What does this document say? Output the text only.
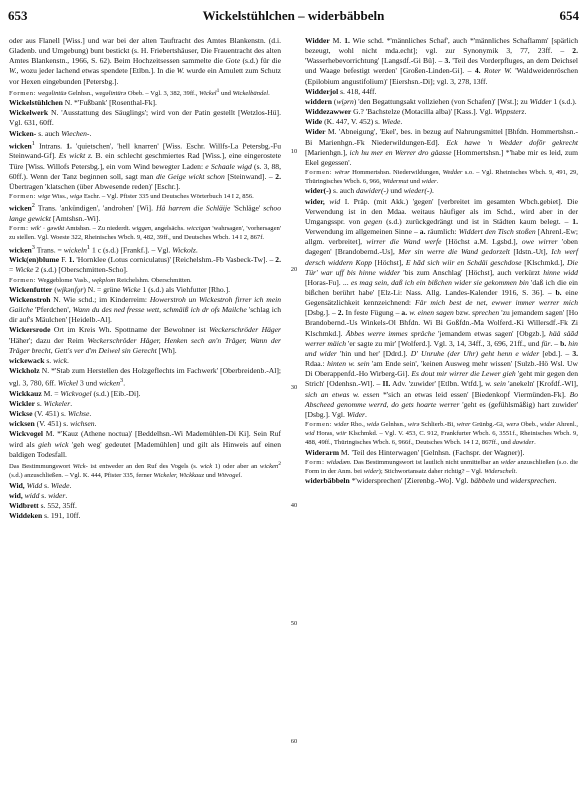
653	Wickelstühlchen – widerbäbbeln	654

oder aus Flanell [Wiss.] und war bei der alten Tauftracht des Amtes Blankenstn. (d.i. Gladenb. und Umgebung) bunt bestickt (s. H. Friebertshäuser, Die Frauentracht des alten Amtes Blankenstn., 1966, S. 62). Beim Hochzeitsessen sammelte die Gote (s.d.) für die W., wozu jeder lachend etwas spendete [Etlbn.]. In die W. wurde ein Amulett zum Schutz vor Hexen eingebunden [Petersbg.].

Formen: wegəlintüə Gelnhsn., wegəlintürə Obeb. – Vgl. 3, 382, 39ff., Wickel$^1$ und Wickelbändel.

Wickelstühlchen N. *'Fußbank' [Rosenthal-Fk].

Wickelwerk N. 'Ausstattung des Säuglings'; wird von der Patin gestellt [Wetzlos-Hü]. Vgl. 631, 60ff.

Wicken- s. auch Wiechen-.

wicken$^1$ Intrans. 1. 'quietschen', 'hell knarren' [Wiss. Eschr. Willfs-La Petersbg.-Fu Steinwand-Gf]. Es wickt z. B. ein schlecht geschmiertes Rad [Wiss.], eine eingerostete Türe [Wiss. Willofs Petersbg.], ein vom Wind bewegter Laden: e Schaale wigd (s. 3, 88, 60ff.). Wenn der Tanz beginnen soll, sagt man die Geige wickt schon [Steinwand]. – 2. Übertragen 'klatschen (über Abwesende reden)' [Eschr.].

Formen: wige Wiss., wigə Eschr. – Vgl. Pfister 335 und Deutsches Wörterbuch 14 I 2, 856.

wicken$^2$ Trans. 'ankündigen', 'androhen' [Wi]. Hä harrem die Schläije 'Schläge' schoo lange gewickt [Amtshsn.-Wi].

Form: wik' · gəwikt Amtshsn. – Zu niederdt. wiggen, angelsächs. wiccigan 'wahrsagen', 'vorhersagen' zu stellen. Vgl. Woeste 322, Rheinisches Wbch. 9, 482, 39ff., und Deutsches Wbch. 14 I 2, 867f.

wicken$^3$ Trans. = wickeln$^1$ 1 c (s.d.) [Frankf.]. – Vgl. Wickolz.

Wick(en)blume F. 1. 'Hornklee (Lotus corniculatus)' [Reichelshm.-Fb Vasbeck-Tw]. – 2. = Wicke 2 (s.d.) [Oberschmitten-Scho].

Formen: Weggeblome Vasb., wękplom Reichelshm. Oberschmitten.

Wickenfutter (wįkənfǫr) N. = grüne Wicke 1 (s.d.) als Viehfutter [Rho.].

Wickenstroh N. Wie schd.; im Kinderreim: Howerstroh un Wickestroh firrer ich mein Gailche 'Pferdchen', Wann du des ned fresse wett, schmäiß ich dr ofs Mailche 'schlag ich dir auf's Mäulchen' [Heidelb.-Al].

Wickersrode Ort im Kreis Wh. Spottname der Bewohner ist Weckerschröder Häger 'Häher'; dazu der Reim Weckerschröder Häger, Henken sech an'n Träger, Wann der Träger brecht, Gett's ver d'm Deiwel sin Gerecht [Wh].

wickewack s. wick.

Wickholz N. *'Stab zum Herstellen des Holzgeflechts im Fachwerk' [Oberbreidenb.-Al]; vgl. 3, 780, 6ff. Wickel 3 und wicken$^3$.

Wickkauz M. = Wickvogel (s.d.) [Eib.-Di].

Wickler s. Wickeler.

Wickse (V. 451) s. Wichse.

wicksen (V. 451) s. wichsen.

Wickvogel M. *'Kauz (Athene noctua)' [Beddelhsn.-Wi Mademühlen-Di Ki]. Sein Ruf wird als gieh wick 'geh weg' gedeutet [Mademühlen] und gilt als Hinweis auf einen baldigen Todesfall.

Das Bestimmungswort Wick- ist entweder an den Ruf des Vogels (s. wick 1) oder aber an wicken$^2$ (s.d.) anzuschließen. – Vgl. K. 444, Pfister 335, ferner Wickeler, Wickkauz und Witvogel.

Wid, Widd s. Wiede.

wid, widd s. wider.

Widbrett s. 552, 35ff.

Widdeken s. 191, 10ff.

Widder M. 1. Wie schd. *'männliches Schaf', auch *'männliches Schaflamm' [spärlich bezeugt, wohl nicht mda.echt]; vgl. zur Synonymik 3, 77, 23ff. – 2. 'Wasserhebevorrichtung' [Langsdf.-Gi Bü]. – 3. 'Teil des Vorderpfluges, an dem Deichsel und Waage befestigt werden' [Großen-Linden-Gi]. – 4. Roter W. 'Waldweidenröschen (Epilobium angustifolium)' [Eiershsn.-Di]; vgl. 3, 278, 13ff.

Widderjol s. 418, 44ff.

widdern (wi̯ərn) 'den Begattungsakt vollziehen (von Schafen)' [Wst.]; zu Widder 1 (s.d.).

Widdezawwer G.? 'Bachstelze (Motacilla alba)' [Kass.]. Vgl. Wippsterz.

Wide (K. 447, V. 452) s. Wiede.

Wider M. 'Abneigung', 'Ekel', bes. in bezug auf Nahrungsmittel [Bhfdn. Hommertshsn.-Bi Marienhgn.-Fk Niederwildungen-Ed]. Eck hawe 'n Wedder dofōr gekrecht [Marienhgn.], ich hu mer en Werrer dro gäasse [Hommertshsn.] *'habe mir es leid, zum Ekel gegessen'.

Formen: wērər Hommertshsn. Niederwildungen, Wedder s.o. – Vgl. Rheinisches Wbch. 9, 491, 29, Thüringisches Wbch. 6, 966, Widermut und wider.

wider(-) s. auch dawider(-) und wieder(-).

wider, wid I. Präp. (mit Akk.) 'gegen' [verbreitet im gesamten Wbch.gebiet]. Die Verwendung ist in den Mdaa. weitaus häufiger als im Schd., wird aber in der Umgangsspr. von gegen (s.d.) zurückgedrängt und ist in Städten kaum belegt. – 1. Verwendung im allgemeinen Sinne – a. räumlich: Widdert den Tisch stoßen [Ahrenl.-Ew; allgm. verbreitet], wirrer die Wand werfe [Höchst a.M. Lgsbd.], owe wirrer 'oben dagegen' [Brandobernd.-Us], Mer sin werre die Wand gedorzelt [Idstn.-Ut], Ich werf dersch widdern Kopp [Höchst], E hād sich wiir en Schdäi geschdose [Klschmkd.], Die Tür' war uff bis hinne widder 'bis zum Anschlag' [Höchst], auch verkürzt hinne widd [Horas-Fu]. ... es mag sein, daß ich ein bißchen wider sie gekommen bin 'daß ich die ein bißchen berührt habe' [Elz-Li: Nass. Allg. Landes-Kalender 1916, S. 36]. – b. eine Gegensätzlichkeit kennzeichnend: Fär mich best de net, ewwer immer werrer mich [Dsbg.]. – 2. In feste Fügung – a. w. einen sagen bzw. sprechen 'zu jemandem sagen' [Ho Brandobernd.-Us Winkels-Ol Bhfdn. Wi Bi Goßfdn.-Ma Wolferd.-Ki Willersdf.-Fk Zi Klschmkd.]. Äbbes werre immes spräche 'jemandem etwas sagen' [Obgzb.], hää säād werrer mäich 'er sagte zu mir' [Wolferd.]. Vgl. 3, 14, 34ff., 3, 696, 21ff., und für. – b. hin und wider 'hin und her' [Ddrd.]. D' Unruhe (der Uhr) geht henn e wider [ebd.]. – 3. Rdaa.: hinten w. sein 'am Ende sein', 'keinen Ausweg mehr wissen' [Sulzb.-Hö Wsl. Uw Di Oberappenfd.-Ho Wirberg-Gi]. Es dout mir wirrer die Lewer gieh 'geht mir gegen den Strich' [Odenhsn.-Wl]. – II. Adv. 'zuwider' [Etlbn. Wtfd.], w. sein 'anekeln' [Krofdf.-Wl], sich an etwas w. essen *'sich an etwas leid essen' [Biedenkopf Viermünden-Fk]. Bo Abscheed genomme werrd, do gets hoarte werrer 'geht es (gefühlsmäßig) hart zuwider' [Dsbg.]. Vgl. Wider.

Formen: wider Rho., widə Gelnhsn., wirə Schlierb.-Bi, wirer Grünbg.-Gi, werə Obeb., widər Ahrenl., wid Horas, wiir Klschmkd. – Vgl. V. 453, C. 912, Frankfurter Wbch. 6, 3551f., Rheinisches Wbch. 9, 488, 49ff., Thüringisches Wbch. 6, 966f., Deutsches Wbch. 14 I 2, 867ff., und dawider.

Widerarm M. 'Teil des Hinterwagen' [Gelnhsn. (Fachspr. der Wagner)].

Form: wīdədəm. Das Bestimmungswort ist lautlich nicht unmittelbar an wider anzuschließen (s.o. die Form in der Anm. bei wider); Stichwortansatz daher richtig? – Vgl. Widerschelt.

widerbäbbeln *'widersprechen' [Zierenbg.-Wo]. Vgl. bäbbeln und widersprechen.

10
20
30
40
50
60
